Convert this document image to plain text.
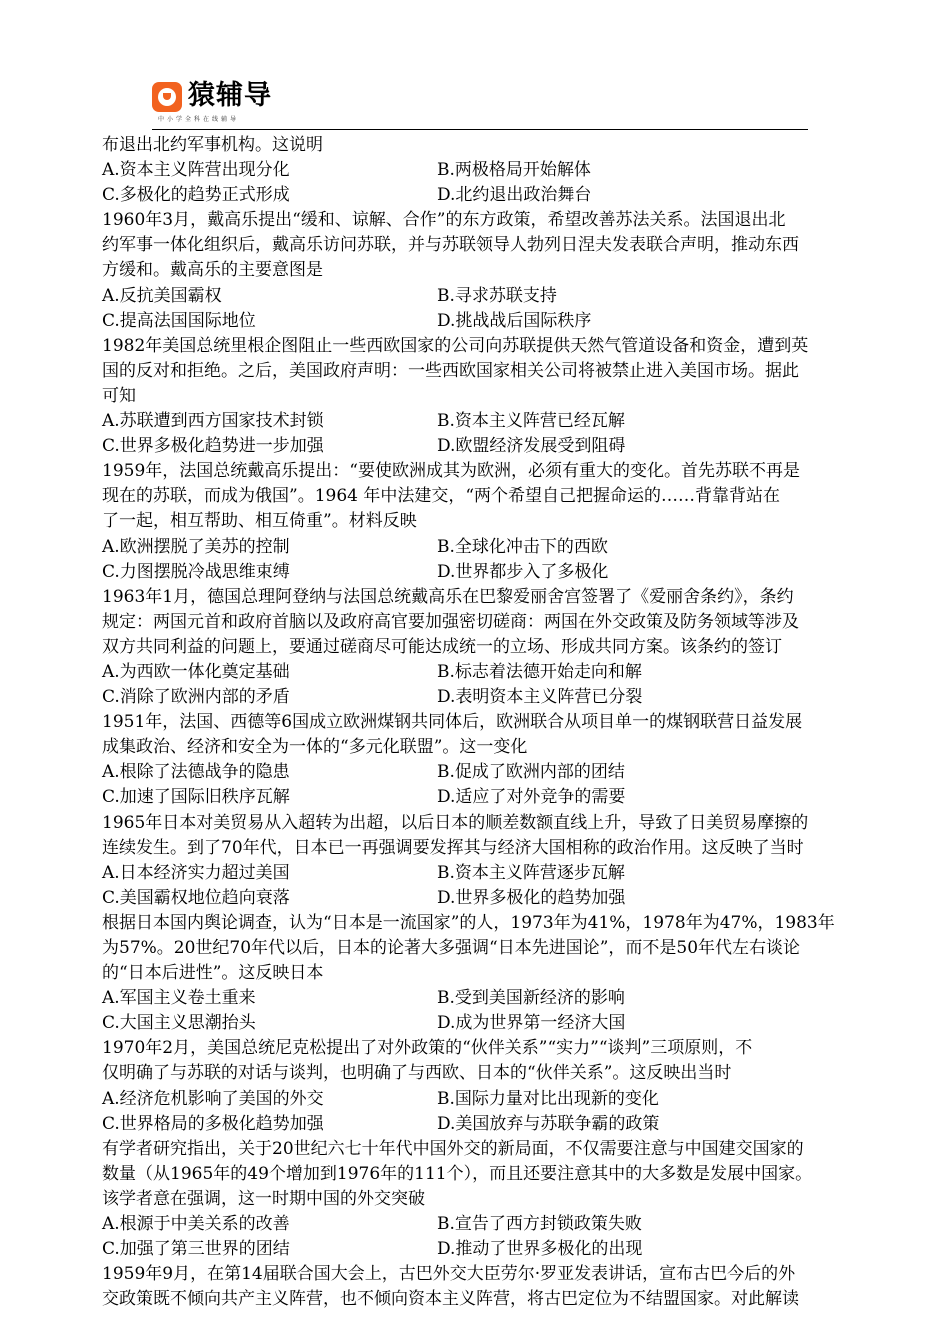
猿辅导
中小学全科在线辅导
布退出北约军事机构。这说明
A.资本主义阵营出现分化	B.两极格局开始解体
C.多极化的趋势正式形成	D.北约退出政治舞台
1960年3月，戴高乐提出“缓和、谅解、合作”的东方政策，希望改善苏法关系。法国退出北
约军事一体化组织后，戴高乐访问苏联，并与苏联领导人勃列日涅夫发表联合声明，推动东西
方缓和。戴高乐的主要意图是
A.反抗美国霸权	B.寻求苏联支持
C.提高法国国际地位	D.挑战战后国际秩序
1982年美国总统里根企图阻止一些西欧国家的公司向苏联提供天然气管道设备和资金，遭到英
国的反对和拒绝。之后，美国政府声明：一些西欧国家相关公司将被禁止进入美国市场。据此
可知
A.苏联遭到西方国家技术封锁	B.资本主义阵营已经瓦解
C.世界多极化趋势进一步加强	D.欧盟经济发展受到阻碍
1959年，法国总统戴高乐提出：“要使欧洲成其为欧洲，必须有重大的变化。首先苏联不再是
现在的苏联，而成为俄国”。1964 年中法建交，“两个希望自己把握命运的……背靠背站在
了一起，相互帮助、相互倚重”。材料反映
A.欧洲摆脱了美苏的控制	B.全球化冲击下的西欧
C.力图摆脱冷战思维束缚	D.世界都步入了多极化
1963年1月，德国总理阿登纳与法国总统戴高乐在巴黎爱丽舍宫签署了《爱丽舍条约》，条约
规定：两国元首和政府首脑以及政府高官要加强密切磋商：两国在外交政策及防务领域等涉及
双方共同利益的问题上，要通过磋商尽可能达成统一的立场、形成共同方案。该条约的签订
A.为西欧一体化奠定基础	B.标志着法德开始走向和解
C.消除了欧洲内部的矛盾	D.表明资本主义阵营已分裂
1951年，法国、西德等6国成立欧洲煤钢共同体后，欧洲联合从项目单一的煤钢联营日益发展
成集政治、经济和安全为一体的“多元化联盟”。这一变化
A.根除了法德战争的隐患	B.促成了欧洲内部的团结
C.加速了国际旧秩序瓦解	D.适应了对外竞争的需要
1965年日本对美贸易从入超转为出超，以后日本的顺差数额直线上升，导致了日美贸易摩擦的
连续发生。到了70年代，日本已一再强调要发挥其与经济大国相称的政治作用。这反映了当时
A.日本经济实力超过美国	B.资本主义阵营逐步瓦解
C.美国霸权地位趋向衰落	D.世界多极化的趋势加强
根据日本国内舆论调查，认为“日本是一流国家”的人，1973年为41%，1978年为47%，1983年
为57%。20世纪70年代以后，日本的论著大多强调“日本先进国论”，而不是50年代左右谈论
的“日本后进性”。这反映日本
A.军国主义卷土重来	B.受到美国新经济的影响
C.大国主义思潮抬头	D.成为世界第一经济大国
1970年2月，美国总统尼克松提出了对外政策的“伙伴关系”“实力”“谈判”三项原则，不
仅明确了与苏联的对话与谈判，也明确了与西欧、日本的“伙伴关系”。这反映出当时
A.经济危机影响了美国的外交	B.国际力量对比出现新的变化
C.世界格局的多极化趋势加强	D.美国放弃与苏联争霸的政策
有学者研究指出，关于20世纪六七十年代中国外交的新局面，不仅需要注意与中国建交国家的
数量（从1965年的49个增加到1976年的111个），而且还要注意其中的大多数是发展中国家。
该学者意在强调，这一时期中国的外交突破
A.根源于中美关系的改善	B.宣告了西方封锁政策失败
C.加强了第三世界的团结	D.推动了世界多极化的出现
1959年9月，在第14届联合国大会上，古巴外交大臣劳尔·罗亚发表讲话，宣布古巴今后的外
交政策既不倾向共产主义阵营，也不倾向资本主义阵营，将古巴定位为不结盟国家。对此解读
